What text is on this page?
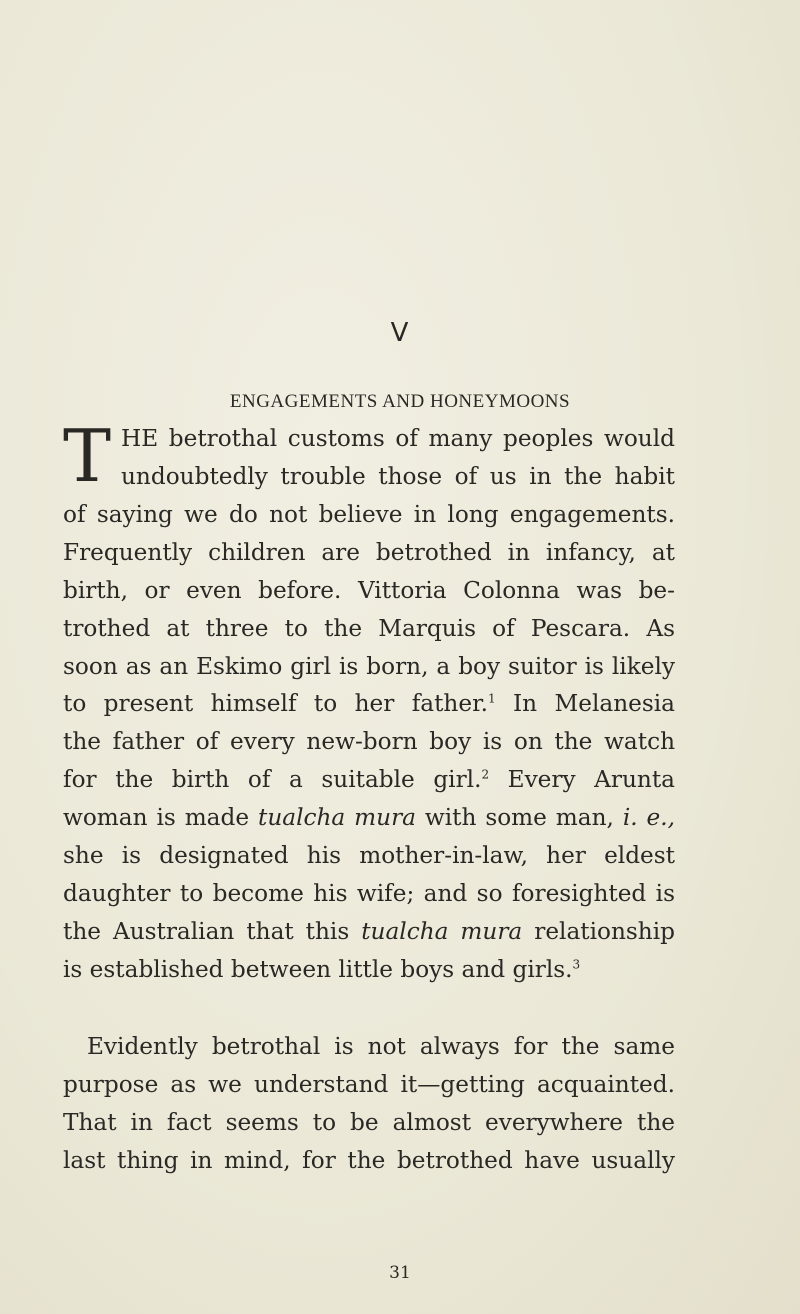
V
ENGAGEMENTS AND HONEYMOONS
T HE betrothal customs of many peoples would
undoubtedly trouble those of us in the habit
of saying we do not believe in long engagements.
Frequently children are betrothed in infancy, at
birth, or even before. Vittoria Colonna was be-
trothed at three to the Marquis of Pescara. As
soon as an Eskimo girl is born, a boy suitor is likely
to present himself to her father.$^1$ In Melanesia
the father of every new-born boy is on the watch
for the birth of a suitable girl.$^2$ Every Arunta
woman is made tualcha mura with some man, i. e.,
she is designated his mother-in-law, her eldest
daughter to become his wife; and so foresighted is
the Australian that this tualcha mura relationship
is established between little boys and girls.$^3$
Evidently betrothal is not always for the same
purpose as we understand it—getting acquainted.
That in fact seems to be almost everywhere the
last thing in mind, for the betrothed have usually
31
